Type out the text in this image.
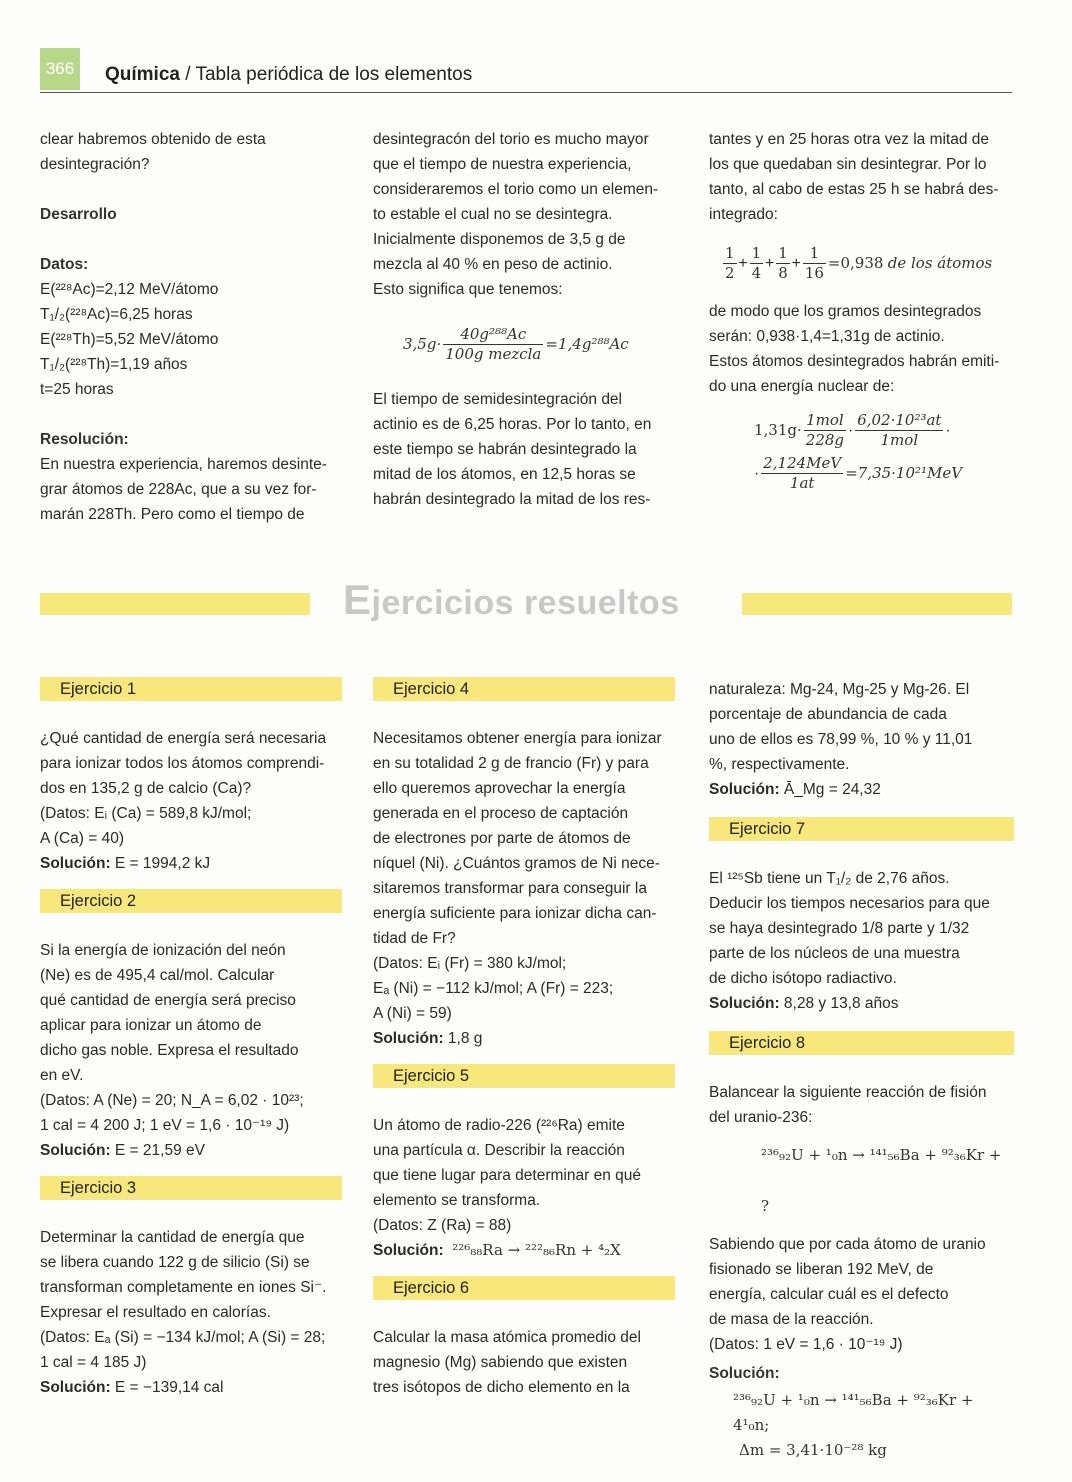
366	Química / Tabla periódica de los elementos

clear habremos obtenido de esta

desintegración?

Desarrollo

Datos:

E(²²⁸Ac)=2,12 MeV/átomo

T₁/₂(²²⁸Ac)=6,25 horas

E(²²⁸Th)=5,52 MeV/átomo

T₁/₂(²²⁸Th)=1,19 años

t=25 horas

Resolución:

En nuestra experiencia, haremos desinte-

grar átomos de 228Ac, que a su vez for-

marán 228Th. Pero como el tiempo de

desintegracón del torio es mucho mayor

que el tiempo de nuestra experiencia,

consideraremos el torio como un elemen-

to estable el cual no se desintegra.

Inicialmente disponemos de 3,5 g de

mezcla al 40 % en peso de actinio.

Esto significa que tenemos:

$3,5g\cdot \frac{\text{40g²⁸⁸Ac}}{\text{100g mezcla}} =1,4g^{288}Ac$

El tiempo de semidesintegración del

actinio es de 6,25 horas. Por lo tanto, en

este tiempo se habrán desintegrado la

mitad de los átomos, en 12,5 horas se

habrán desintegrado la mitad de los res-

tantes y en 25 horas otra vez la mitad de

los que quedaban sin desintegrar. Por lo

tanto, al cabo de estas 25 h se habrá des-

integrado:

$\frac{1}{2} + \frac{1}{4} + \frac{1}{8} + \frac{1}{16} =0,938$
de los átomos

de modo que los gramos desintegrados

serán: 0,938·1,4=1,31g de actinio.

Estos átomos desintegrados habrán emiti-

do una energía nuclear de:

$1,31g\cdot \frac{\text{1mol}}{228g} \cdot \frac{\text{6,02·10²³at}}{\text{1mol}}$ ·
· $\frac{\text{2,124MeV}}{1at} =7,35\cdot 10^{21}MeV$
Ejercicios resueltos
Ejercicio 1

¿Qué cantidad de energía será necesaria

para ionizar todos los átomos comprendi-

dos en 135,2 g de calcio (Ca)?

(Datos: Eᵢ (Ca) = 589,8 kJ/mol;

A (Ca) = 40)

Solución: E = 1994,2 kJ

Ejercicio 2

Si la energía de ionización del neón

(Ne) es de 495,4 cal/mol. Calcular

qué cantidad de energía será preciso

aplicar para ionizar un átomo de

dicho gas noble. Expresa el resultado

en eV.

(Datos: A (Ne) = 20; N_A = 6,02 · 10²³;

1 cal = 4 200 J; 1 eV = 1,6 · 10⁻¹⁹ J)

Solución: E = 21,59 eV

Ejercicio 3

Determinar la cantidad de energía que

se libera cuando 122 g de silicio (Si) se

transforman completamente en iones Si⁻.

Expresar el resultado en calorías.

(Datos: Eₐ (Si) = −134 kJ/mol; A (Si) = 28;

1 cal = 4 185 J)

Solución: E = −139,14 cal

Ejercicio 4

Necesitamos obtener energía para ionizar

en su totalidad 2 g de francio (Fr) y para

ello queremos aprovechar la energía

generada en el proceso de captación

de electrones por parte de átomos de

níquel (Ni). ¿Cuántos gramos de Ni nece-

sitaremos transformar para conseguir la

energía suficiente para ionizar dicha can-

tidad de Fr?

(Datos: Eᵢ (Fr) = 380 kJ/mol;

Eₐ (Ni) = −112 kJ/mol; A (Fr) = 223;

A (Ni) = 59)

Solución: 1,8 g

Ejercicio 5

Un átomo de radio-226 (²²⁶Ra) emite

una partícula α. Describir la reacción

que tiene lugar para determinar en qué

elemento se transforma.

(Datos: Z (Ra) = 88)

Solución: ²²⁶₈₈Ra → ²²²₈₆Rn + ⁴₂X

Ejercicio 6

Calcular la masa atómica promedio del

magnesio (Mg) sabiendo que existen

tres isótopos de dicho elemento en la

naturaleza: Mg-24, Mg-25 y Mg-26. El

porcentaje de abundancia de cada

uno de ellos es 78,99 %, 10 % y 11,01

%, respectivamente.

Solución: Ā_Mg = 24,32

Ejercicio 7

El ¹²⁵Sb tiene un T₁/₂ de 2,76 años.

Deducir los tiempos necesarios para que

se haya desintegrado 1/8 parte y 1/32

parte de los núcleos de una muestra

de dicho isótopo radiactivo.

Solución: 8,28 y 13,8 años

Ejercicio 8

Balancear la siguiente reacción de fisión

del uranio-236:

²³⁶₉₂U + ¹₀n → ¹⁴¹₅₆Ba + ⁹²₃₆Kr + ?

Sabiendo que por cada átomo de uranio

fisionado se liberan 192 MeV, de

energía, calcular cuál es el defecto

de masa de la reacción.

(Datos: 1 eV = 1,6 · 10⁻¹⁹ J)

Solución:

²³⁶₉₂U + ¹₀n → ¹⁴¹₅₆Ba + ⁹²₃₆Kr + 4¹₀n;

Δm = 3,41·10⁻²⁸ kg
